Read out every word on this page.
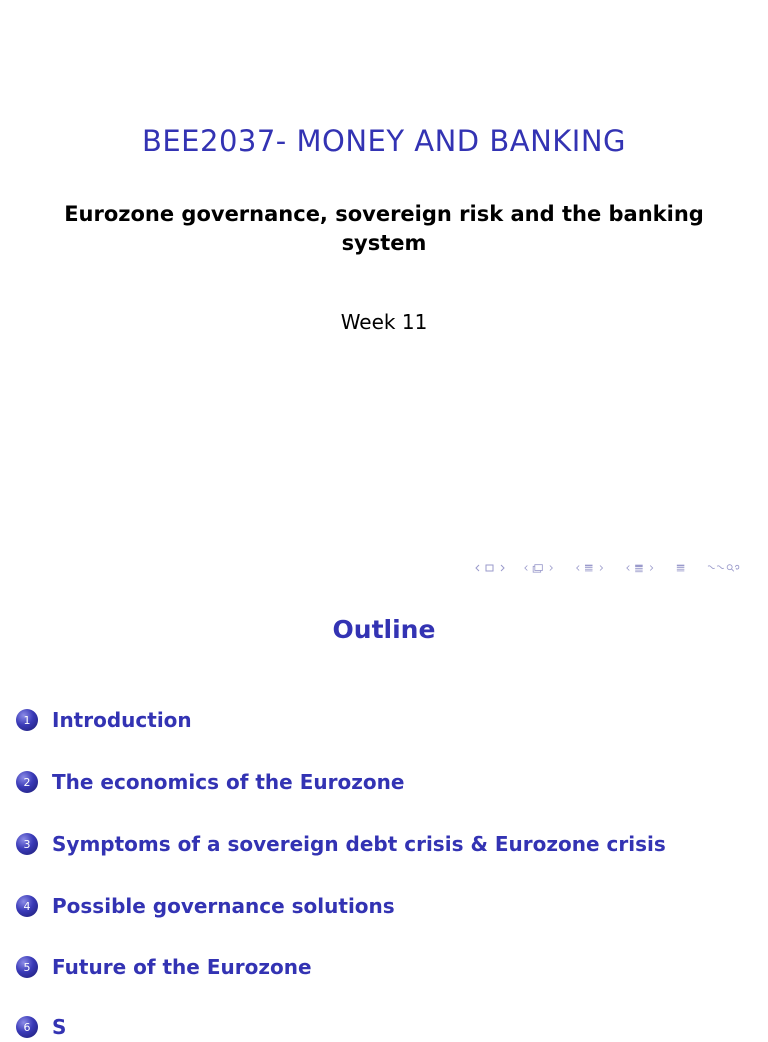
BEE2037- MONEY AND BANKING
Eurozone governance, sovereign risk and the banking system
Week 11
Outline
1	Introduction
2	The economics of the Eurozone
3	Symptoms of a sovereign debt crisis & Eurozone crisis
4	Possible governance solutions
5	Future of the Eurozone
6	S
